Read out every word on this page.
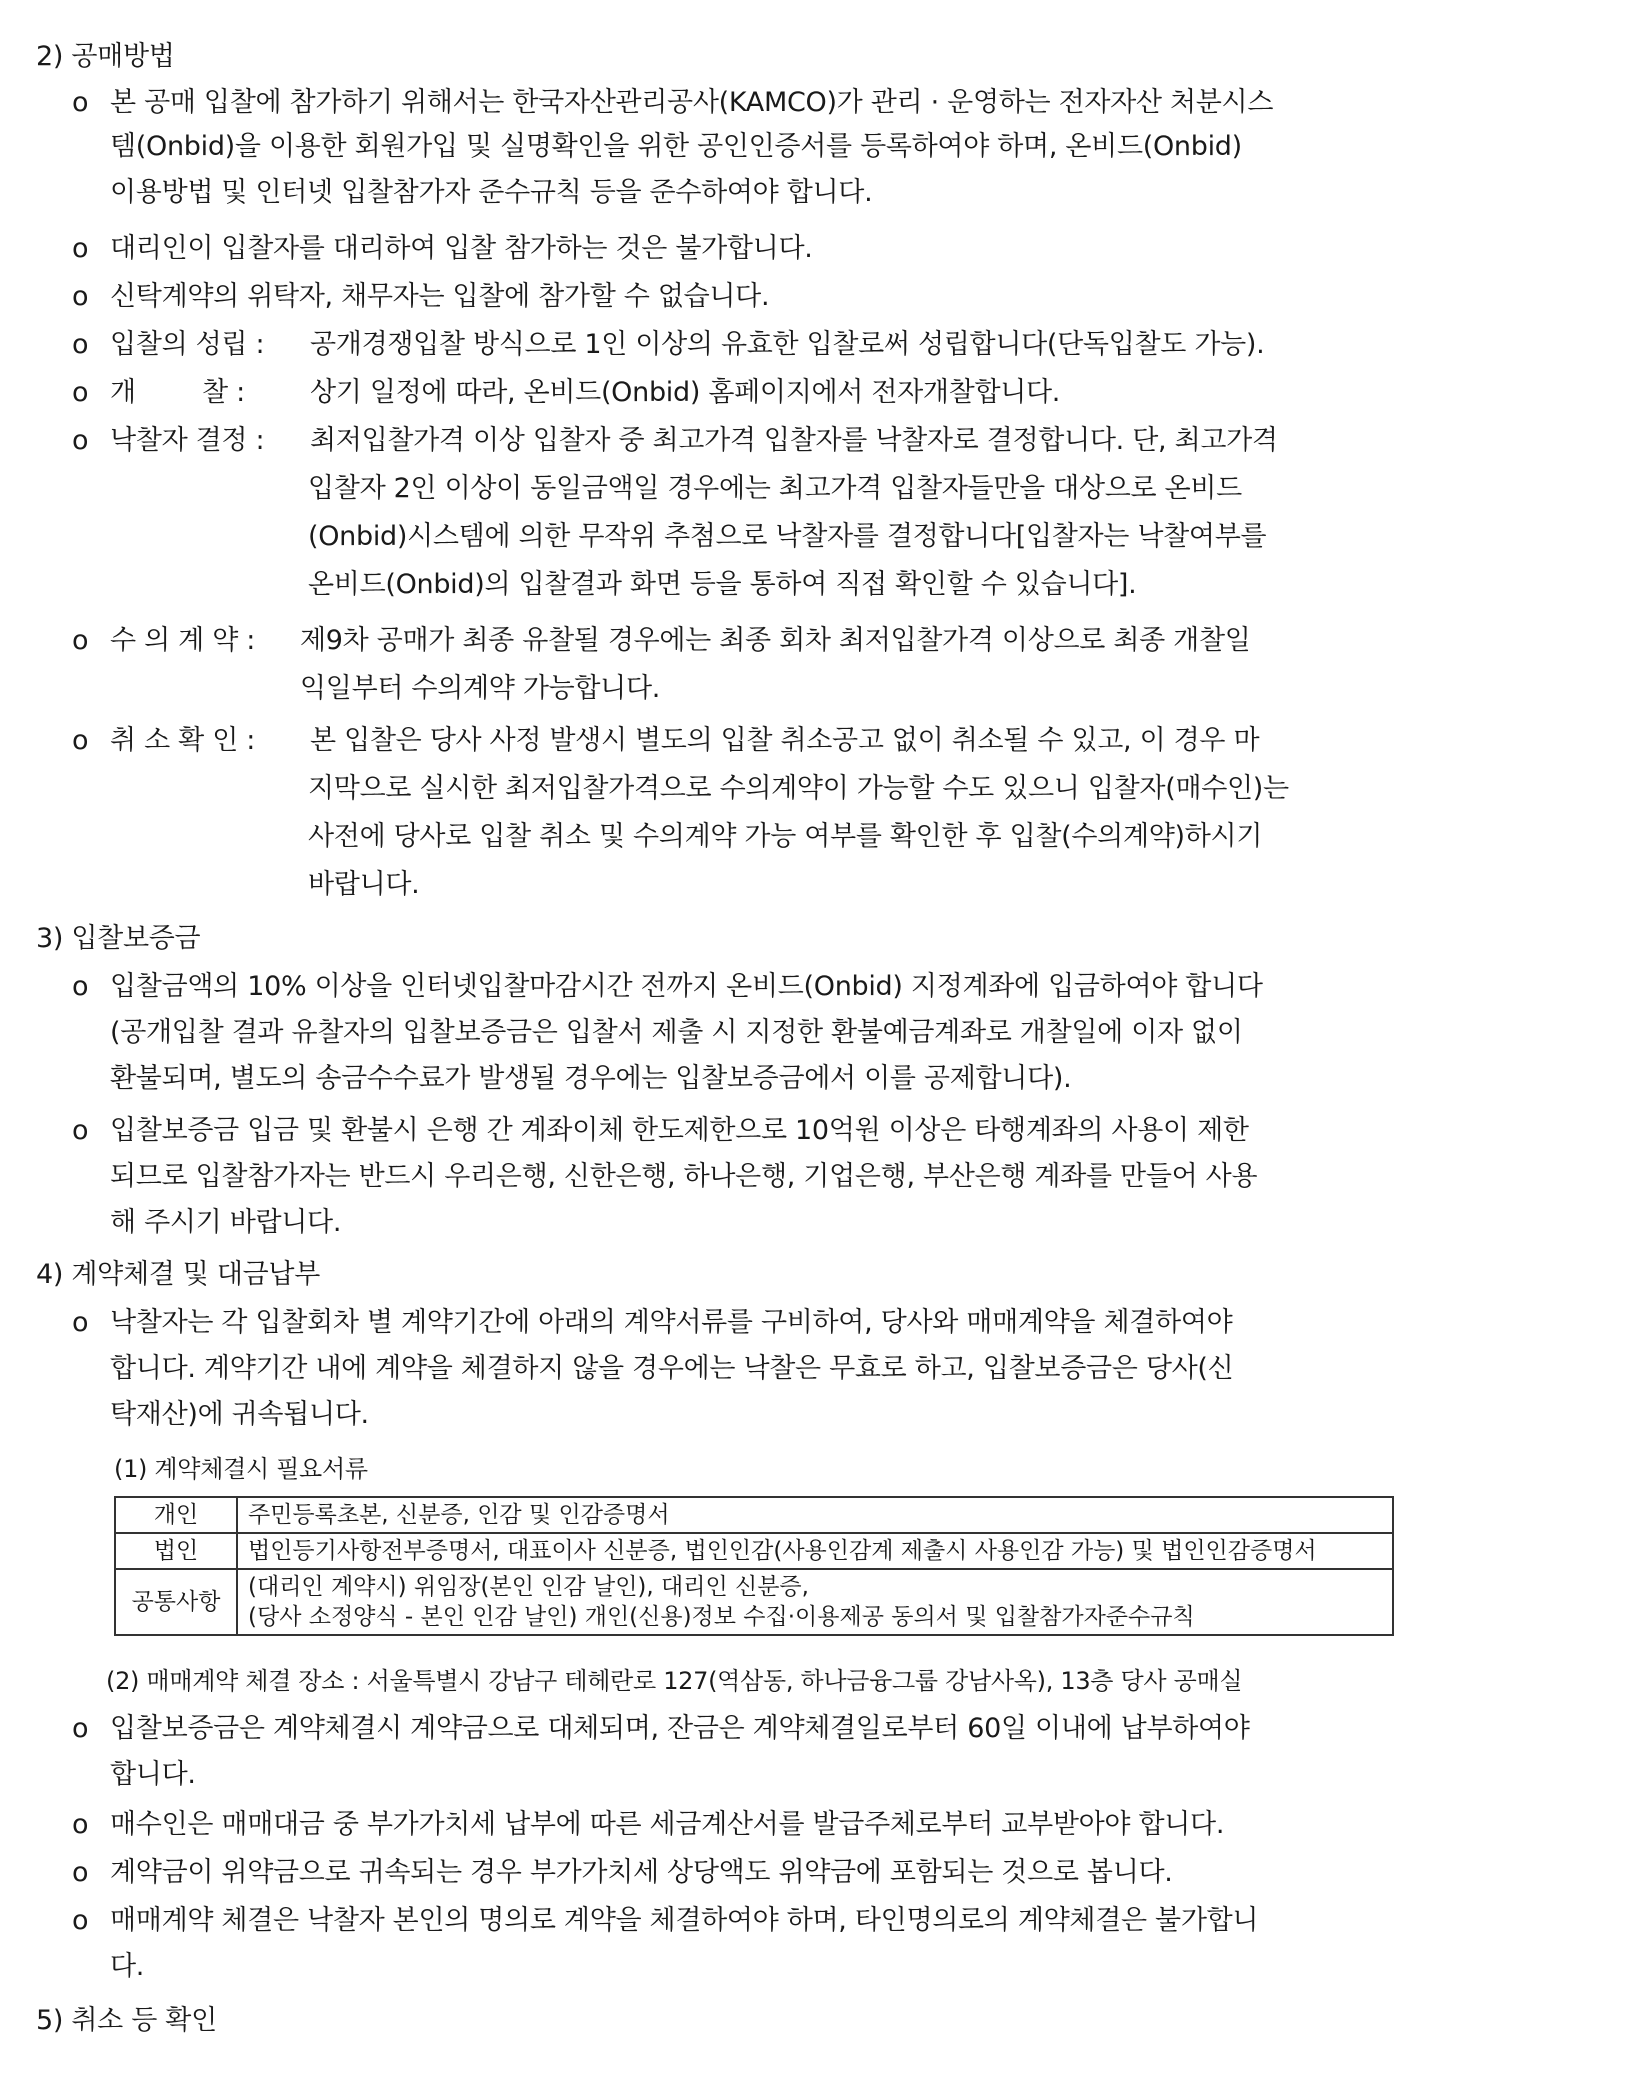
2) 공매방법
o 본 공매 입찰에 참가하기 위해서는 한국자산관리공사(KAMCO)가 관리 · 운영하는 전자자산 처분시스
템(Onbid)을 이용한 회원가입 및 실명확인을 위한 공인인증서를 등록하여야 하며, 온비드(Onbid)
이용방법 및 인터넷 입찰참가자 준수규칙 등을 준수하여야 합니다.
o 대리인이 입찰자를 대리하여 입찰 참가하는 것은 불가합니다.
o 신탁계약의 위탁자, 채무자는 입찰에 참가할 수 없습니다.
o 입찰의 성립 : 공개경쟁입찰 방식으로 1인 이상의 유효한 입찰로써 성립합니다(단독입찰도 가능).
o 개        찰 : 상기 일정에 따라, 온비드(Onbid) 홈페이지에서 전자개찰합니다.
o 낙찰자 결정 : 최저입찰가격 이상 입찰자 중 최고가격 입찰자를 낙찰자로 결정합니다. 단, 최고가격
입찰자 2인 이상이 동일금액일 경우에는 최고가격 입찰자들만을 대상으로 온비드
(Onbid)시스템에 의한 무작위 추첨으로 낙찰자를 결정합니다[입찰자는 낙찰여부를
온비드(Onbid)의 입찰결과 화면 등을 통하여 직접 확인할 수 있습니다].
o 수 의 계 약 : 제9차 공매가 최종 유찰될 경우에는 최종 회차 최저입찰가격 이상으로 최종 개찰일
익일부터 수의계약 가능합니다.
o 취 소 확 인 : 본 입찰은 당사 사정 발생시 별도의 입찰 취소공고 없이 취소될 수 있고, 이 경우 마
지막으로 실시한 최저입찰가격으로 수의계약이 가능할 수도 있으니 입찰자(매수인)는
사전에 당사로 입찰 취소 및 수의계약 가능 여부를 확인한 후 입찰(수의계약)하시기
바랍니다.
3) 입찰보증금
o 입찰금액의 10% 이상을 인터넷입찰마감시간 전까지 온비드(Onbid) 지정계좌에 입금하여야 합니다
(공개입찰 결과 유찰자의 입찰보증금은 입찰서 제출 시 지정한 환불예금계좌로 개찰일에 이자 없이
환불되며, 별도의 송금수수료가 발생될 경우에는 입찰보증금에서 이를 공제합니다).
o 입찰보증금 입금 및 환불시 은행 간 계좌이체 한도제한으로 10억원 이상은 타행계좌의 사용이 제한
되므로 입찰참가자는 반드시 우리은행, 신한은행, 하나은행, 기업은행, 부산은행 계좌를 만들어 사용
해 주시기 바랍니다.
4) 계약체결 및 대금납부
o 낙찰자는 각 입찰회차 별 계약기간에 아래의 계약서류를 구비하여, 당사와 매매계약을 체결하여야
합니다. 계약기간 내에 계약을 체결하지 않을 경우에는 낙찰은 무효로 하고, 입찰보증금은 당사(신
탁재산)에 귀속됩니다.
(1) 계약체결시 필요서류
개인	주민등록초본, 신분증, 인감 및 인감증명서
법인	법인등기사항전부증명서, 대표이사 신분증, 법인인감(사용인감계 제출시 사용인감 가능) 및 법인인감증명서
공통사항	(대리인 계약시) 위임장(본인 인감 날인), 대리인 신분증,
(당사 소정양식 - 본인 인감 날인) 개인(신용)정보 수집·이용제공 동의서 및 입찰참가자준수규칙
(2) 매매계약 체결 장소 : 서울특별시 강남구 테헤란로 127(역삼동, 하나금융그룹 강남사옥), 13층 당사 공매실
o 입찰보증금은 계약체결시 계약금으로 대체되며, 잔금은 계약체결일로부터 60일 이내에 납부하여야
합니다.
o 매수인은 매매대금 중 부가가치세 납부에 따른 세금계산서를 발급주체로부터 교부받아야 합니다.
o 계약금이 위약금으로 귀속되는 경우 부가가치세 상당액도 위약금에 포함되는 것으로 봅니다.
o 매매계약 체결은 낙찰자 본인의 명의로 계약을 체결하여야 하며, 타인명의로의 계약체결은 불가합니
다.
5) 취소 등 확인
